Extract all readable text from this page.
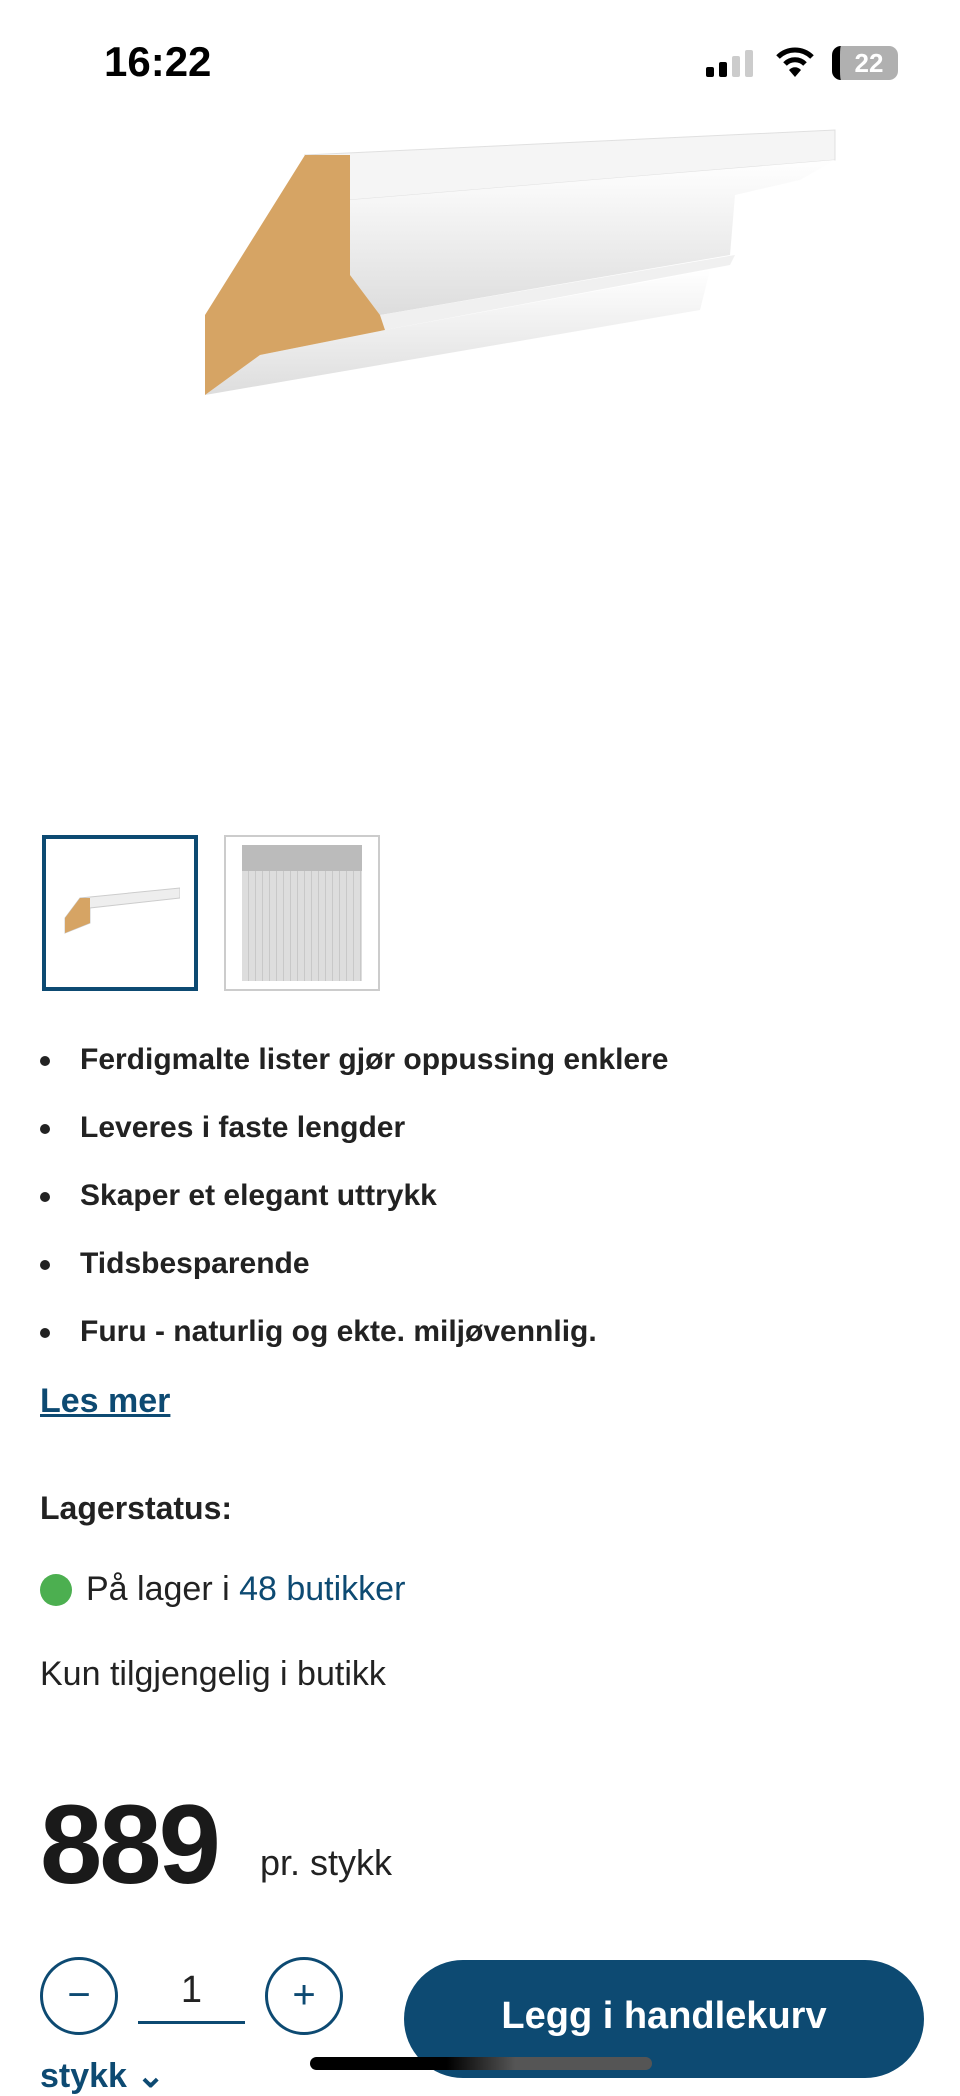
16:22	22
Ferdigmalte lister gjør oppussing enklere
Leveres i faste lengder
Skaper et elegant uttrykk
Tidsbesparende
Furu - naturlig og ekte. miljøvennlig.
Les mer
Lagerstatus:
På lager i 48 butikker
Kun tilgjengelig i butikk
889 pr. stykk
−	1	+	Legg i handlekurv
stykk ⌄
